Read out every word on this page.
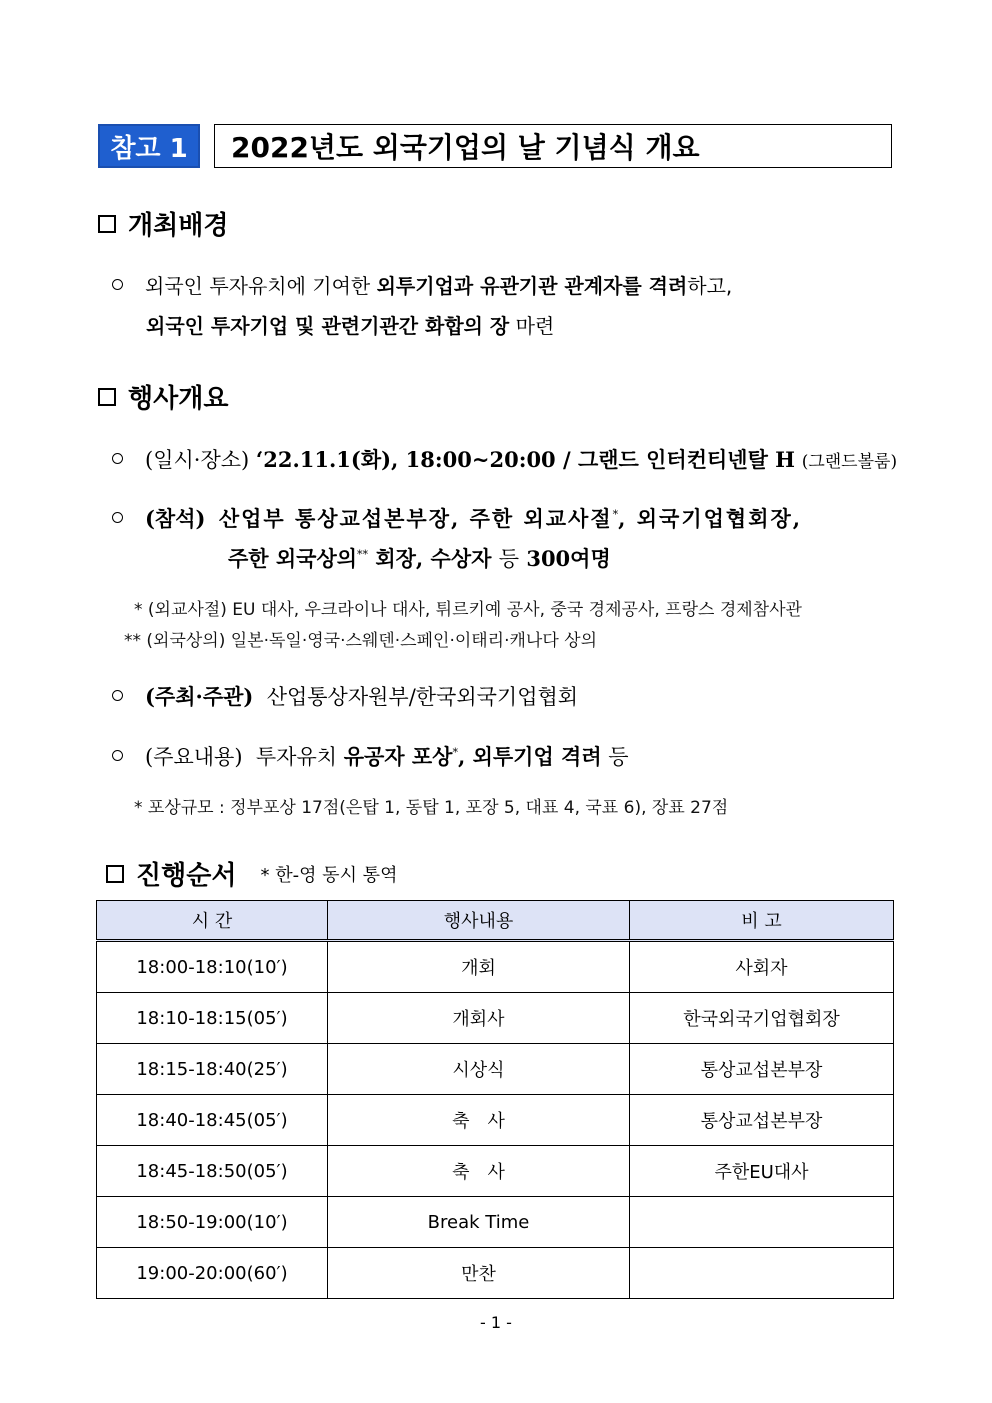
참고 1	2022년도 외국기업의 날 기념식 개요
개최배경
외국인 투자유치에 기여한 외투기업과 유관기관 관계자를 격려하고,
외국인 투자기업 및 관련기관간 화합의 장 마련
행사개요
(일시·장소) ‘22.11.1(화), 18:00~20:00 / 그랜드 인터컨티넨탈 H (그랜드볼룸)
(참석) 산업부 통상교섭본부장, 주한 외교사절*, 외국기업협회장,
주한 외국상의** 회장, 수상자 등 300여명
* (외교사절) EU 대사, 우크라이나 대사, 튀르키예 공사, 중국 경제공사, 프랑스 경제참사관
** (외국상의) 일본·독일·영국·스웨덴·스페인·이태리·캐나다 상의
(주최·주관) 산업통상자원부/한국외국기업협회
(주요내용) 투자유치 유공자 포상*, 외투기업 격려 등
* 포상규모 : 정부포상 17점(은탑 1, 동탑 1, 포장 5, 대표 4, 국표 6), 장표 27점
진행순서 * 한-영 동시 통역
시 간	행사내용	비 고
18:00-18:10(10′)	개회	사회자
18:10-18:15(05′)	개회사	한국외국기업협회장
18:15-18:40(25′)	시상식	통상교섭본부장
18:40-18:45(05′)	축　사	통상교섭본부장
18:45-18:50(05′)	축　사	주한EU대사
18:50-19:00(10′)	Break Time	
19:00-20:00(60′)	만찬	
- 1 -
